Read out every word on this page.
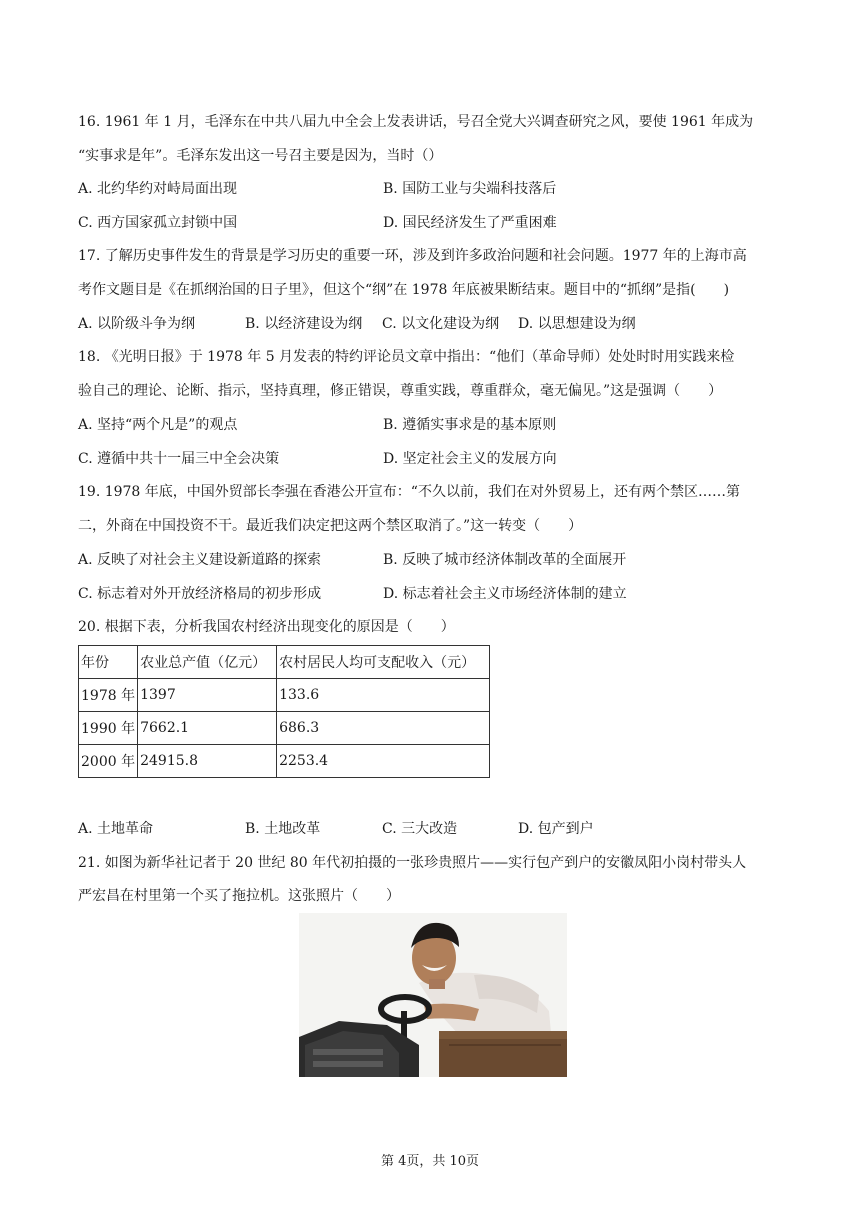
16. 1961 年 1 月，毛泽东在中共八届九中全会上发表讲话，号召全党大兴调查研究之风，要使 1961 年成为
“实事求是年”。毛泽东发出这一号召主要是因为，当时（）
A. 北约华约对峙局面出现	B. 国防工业与尖端科技落后
C. 西方国家孤立封锁中国	D. 国民经济发生了严重困难
17. 了解历史事件发生的背景是学习历史的重要一环，涉及到许多政治问题和社会问题。1977 年的上海市高
考作文题目是《在抓纲治国的日子里》，但这个“纲”在 1978 年底被果断结束。题目中的“抓纲”是指(　　)
A. 以阶级斗争为纲	B. 以经济建设为纲 C. 以文化建设为纲 D. 以思想建设为纲
18. 《光明日报》于 1978 年 5 月发表的特约评论员文章中指出：“他们（革命导师）处处时时用实践来检
验自己的理论、论断、指示，坚持真理，修正错误，尊重实践，尊重群众，毫无偏见。”这是强调（　　）
A. 坚持“两个凡是”的观点	B. 遵循实事求是的基本原则
C. 遵循中共十一届三中全会决策	D. 坚定社会主义的发展方向
19. 1978 年底，中国外贸部长李强在香港公开宣布：“不久以前，我们在对外贸易上，还有两个禁区……第
二，外商在中国投资不干。最近我们决定把这两个禁区取消了。”这一转变（　　）
A. 反映了对社会主义建设新道路的探索	B. 反映了城市经济体制改革的全面展开
C. 标志着对外开放经济格局的初步形成	D. 标志着社会主义市场经济体制的建立
20. 根据下表，分析我国农村经济出现变化的原因是（　　）
年份	农业总产值（亿元）	农村居民人均可支配收入（元）
1978 年	1397	133.6
1990 年	7662.1	686.3
2000 年	24915.8	2253.4
A. 土地革命	B. 土地改革	C. 三大改造	D. 包产到户
21. 如图为新华社记者于 20 世纪 80 年代初拍摄的一张珍贵照片——实行包产到户的安徽凤阳小岗村带头人
严宏昌在村里第一个买了拖拉机。这张照片（　　）
第 4页，共 10页
